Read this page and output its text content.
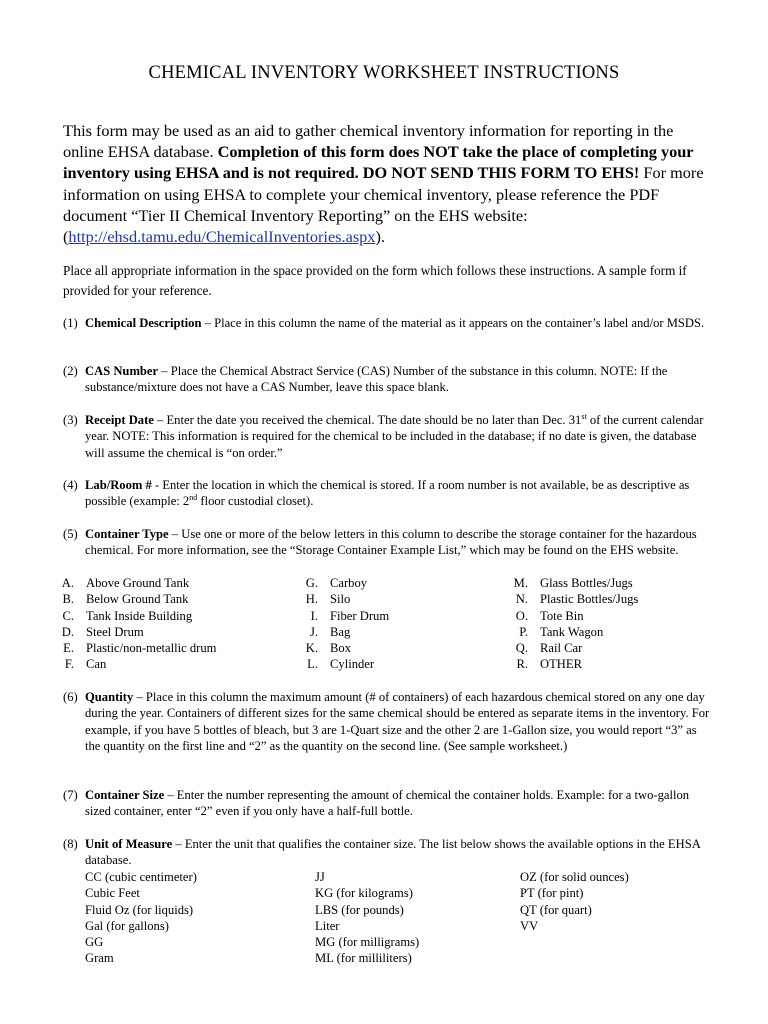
CHEMICAL INVENTORY WORKSHEET INSTRUCTIONS
This form may be used as an aid to gather chemical inventory information for reporting in the online EHSA database. Completion of this form does NOT take the place of completing your inventory using EHSA and is not required. DO NOT SEND THIS FORM TO EHS! For more information on using EHSA to complete your chemical inventory, please reference the PDF document “Tier II Chemical Inventory Reporting” on the EHS website: (http://ehsd.tamu.edu/ChemicalInventories.aspx).
Place all appropriate information in the space provided on the form which follows these instructions. A sample form if provided for your reference.
(1) Chemical Description – Place in this column the name of the material as it appears on the container’s label and/or MSDS.
(2) CAS Number – Place the Chemical Abstract Service (CAS) Number of the substance in this column. NOTE: If the substance/mixture does not have a CAS Number, leave this space blank.
(3) Receipt Date – Enter the date you received the chemical. The date should be no later than Dec. 31st of the current calendar year. NOTE: This information is required for the chemical to be included in the database; if no date is given, the database will assume the chemical is “on order.”
(4) Lab/Room # - Enter the location in which the chemical is stored. If a room number is not available, be as descriptive as possible (example: 2nd floor custodial closet).
(5) Container Type – Use one or more of the below letters in this column to describe the storage container for the hazardous chemical. For more information, see the “Storage Container Example List,” which may be found on the EHS website.
A. Above Ground Tank
B. Below Ground Tank
C. Tank Inside Building
D. Steel Drum
E. Plastic/non-metallic drum
F. Can
G. Carboy
H. Silo
I. Fiber Drum
J. Bag
K. Box
L. Cylinder
M. Glass Bottles/Jugs
N. Plastic Bottles/Jugs
O. Tote Bin
P. Tank Wagon
Q. Rail Car
R. OTHER
(6) Quantity – Place in this column the maximum amount (# of containers) of each hazardous chemical stored on any one day during the year. Containers of different sizes for the same chemical should be entered as separate items in the inventory. For example, if you have 5 bottles of bleach, but 3 are 1-Quart size and the other 2 are 1-Gallon size, you would report “3” as the quantity on the first line and “2” as the quantity on the second line. (See sample worksheet.)
(7) Container Size – Enter the number representing the amount of chemical the container holds. Example: for a two-gallon sized container, enter “2” even if you only have a half-full bottle.
(8) Unit of Measure – Enter the unit that qualifies the container size. The list below shows the available options in the EHSA database.
CC (cubic centimeter)
Cubic Feet
Fluid Oz (for liquids)
Gal (for gallons)
GG
Gram
JJ
KG (for kilograms)
LBS (for pounds)
Liter
MG (for milligrams)
ML (for milliliters)
OZ (for solid ounces)
PT (for pint)
QT (for quart)
VV
